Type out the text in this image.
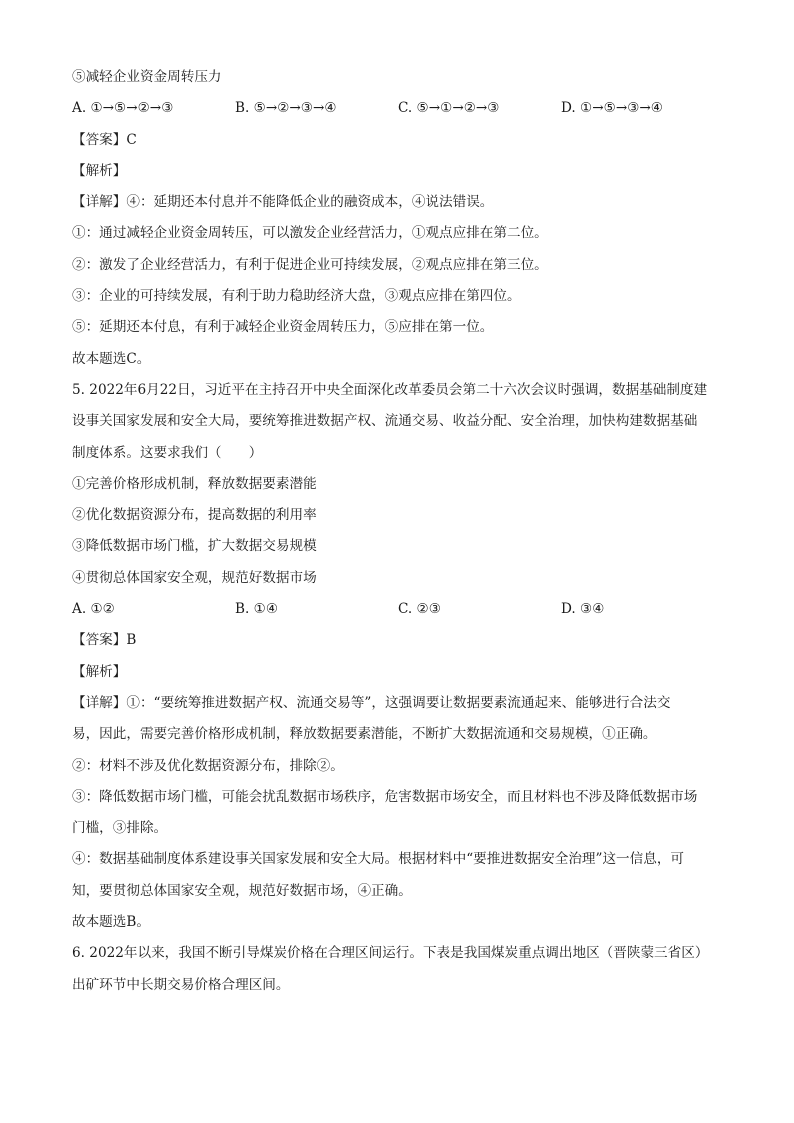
⑤减轻企业资金周转压力
A. ①→⑤→②→③	B. ⑤→②→③→④	C. ⑤→①→②→③	D. ①→⑤→③→④
【答案】C
【解析】
【详解】④：延期还本付息并不能降低企业的融资成本，④说法错误。
①：通过减轻企业资金周转压，可以激发企业经营活力，①观点应排在第二位。
②：激发了企业经营活力，有利于促进企业可持续发展，②观点应排在第三位。
③：企业的可持续发展，有利于助力稳助经济大盘，③观点应排在第四位。
⑤：延期还本付息，有利于减轻企业资金周转压力，⑤应排在第一位。
故本题选C。
5. 2022年6月22日，习近平在主持召开中央全面深化改革委员会第二十六次会议时强调，数据基础制度建
设事关国家发展和安全大局，要统筹推进数据产权、流通交易、收益分配、安全治理，加快构建数据基础
制度体系。这要求我们（　　）
①完善价格形成机制，释放数据要素潜能
②优化数据资源分布，提高数据的利用率
③降低数据市场门槛，扩大数据交易规模
④贯彻总体国家安全观，规范好数据市场
A. ①②	B. ①④	C. ②③	D. ③④
【答案】B
【解析】
【详解】①：“要统筹推进数据产权、流通交易等”，这强调要让数据要素流通起来、能够进行合法交
易，因此，需要完善价格形成机制，释放数据要素潜能，不断扩大数据流通和交易规模，①正确。
②：材料不涉及优化数据资源分布，排除②。
③：降低数据市场门槛，可能会扰乱数据市场秩序，危害数据市场安全，而且材料也不涉及降低数据市场
门槛，③排除。
④：数据基础制度体系建设事关国家发展和安全大局。根据材料中“要推进数据安全治理”这一信息，可
知，要贯彻总体国家安全观，规范好数据市场，④正确。
故本题选B。
6. 2022年以来，我国不断引导煤炭价格在合理区间运行。下表是我国煤炭重点调出地区（晋陕蒙三省区）
出矿环节中长期交易价格合理区间。
